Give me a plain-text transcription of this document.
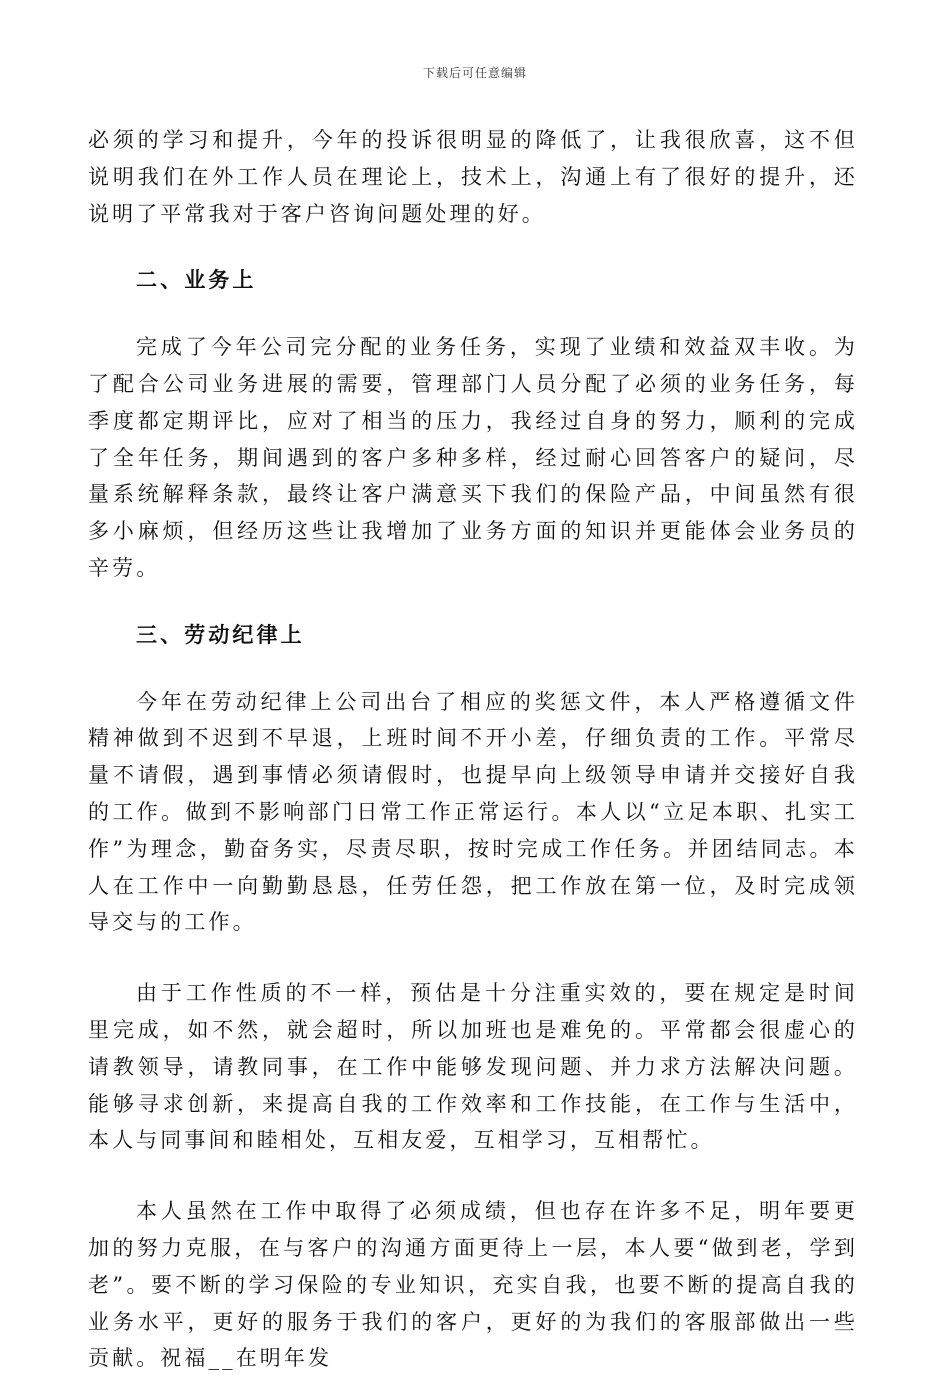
下载后可任意编辑

必须的学习和提升，今年的投诉很明显的降低了，让我很欣喜，这不但说明我们在外工作人员在理论上，技术上，沟通上有了很好的提升，还说明了平常我对于客户咨询问题处理的好。

二、业务上

完成了今年公司完分配的业务任务，实现了业绩和效益双丰收。为了配合公司业务进展的需要，管理部门人员分配了必须的业务任务，每季度都定期评比，应对了相当的压力，我经过自身的努力，顺利的完成了全年任务，期间遇到的客户多种多样，经过耐心回答客户的疑问，尽量系统解释条款，最终让客户满意买下我们的保险产品，中间虽然有很多小麻烦，但经历这些让我增加了业务方面的知识并更能体会业务员的辛劳。

三、劳动纪律上

今年在劳动纪律上公司出台了相应的奖惩文件，本人严格遵循文件精神做到不迟到不早退，上班时间不开小差，仔细负责的工作。平常尽量不请假，遇到事情必须请假时，也提早向上级领导申请并交接好自我的工作。做到不影响部门日常工作正常运行。本人以“立足本职、扎实工作”为理念，勤奋务实，尽责尽职，按时完成工作任务。并团结同志。本人在工作中一向勤勤恳恳，任劳任怨，把工作放在第一位，及时完成领导交与的工作。

由于工作性质的不一样，预估是十分注重实效的，要在规定是时间里完成，如不然，就会超时，所以加班也是难免的。平常都会很虚心的请教领导，请教同事，在工作中能够发现问题、并力求方法解决问题。能够寻求创新，来提高自我的工作效率和工作技能，在工作与生活中，本人与同事间和睦相处，互相友爱，互相学习，互相帮忙。

本人虽然在工作中取得了必须成绩，但也存在许多不足，明年要更加的努力克服，在与客户的沟通方面更待上一层，本人要“做到老，学到老”。要不断的学习保险的专业知识，充实自我，也要不断的提高自我的业务水平，更好的服务于我们的客户，更好的为我们的客服部做出一些贡献。祝福__在明年发
